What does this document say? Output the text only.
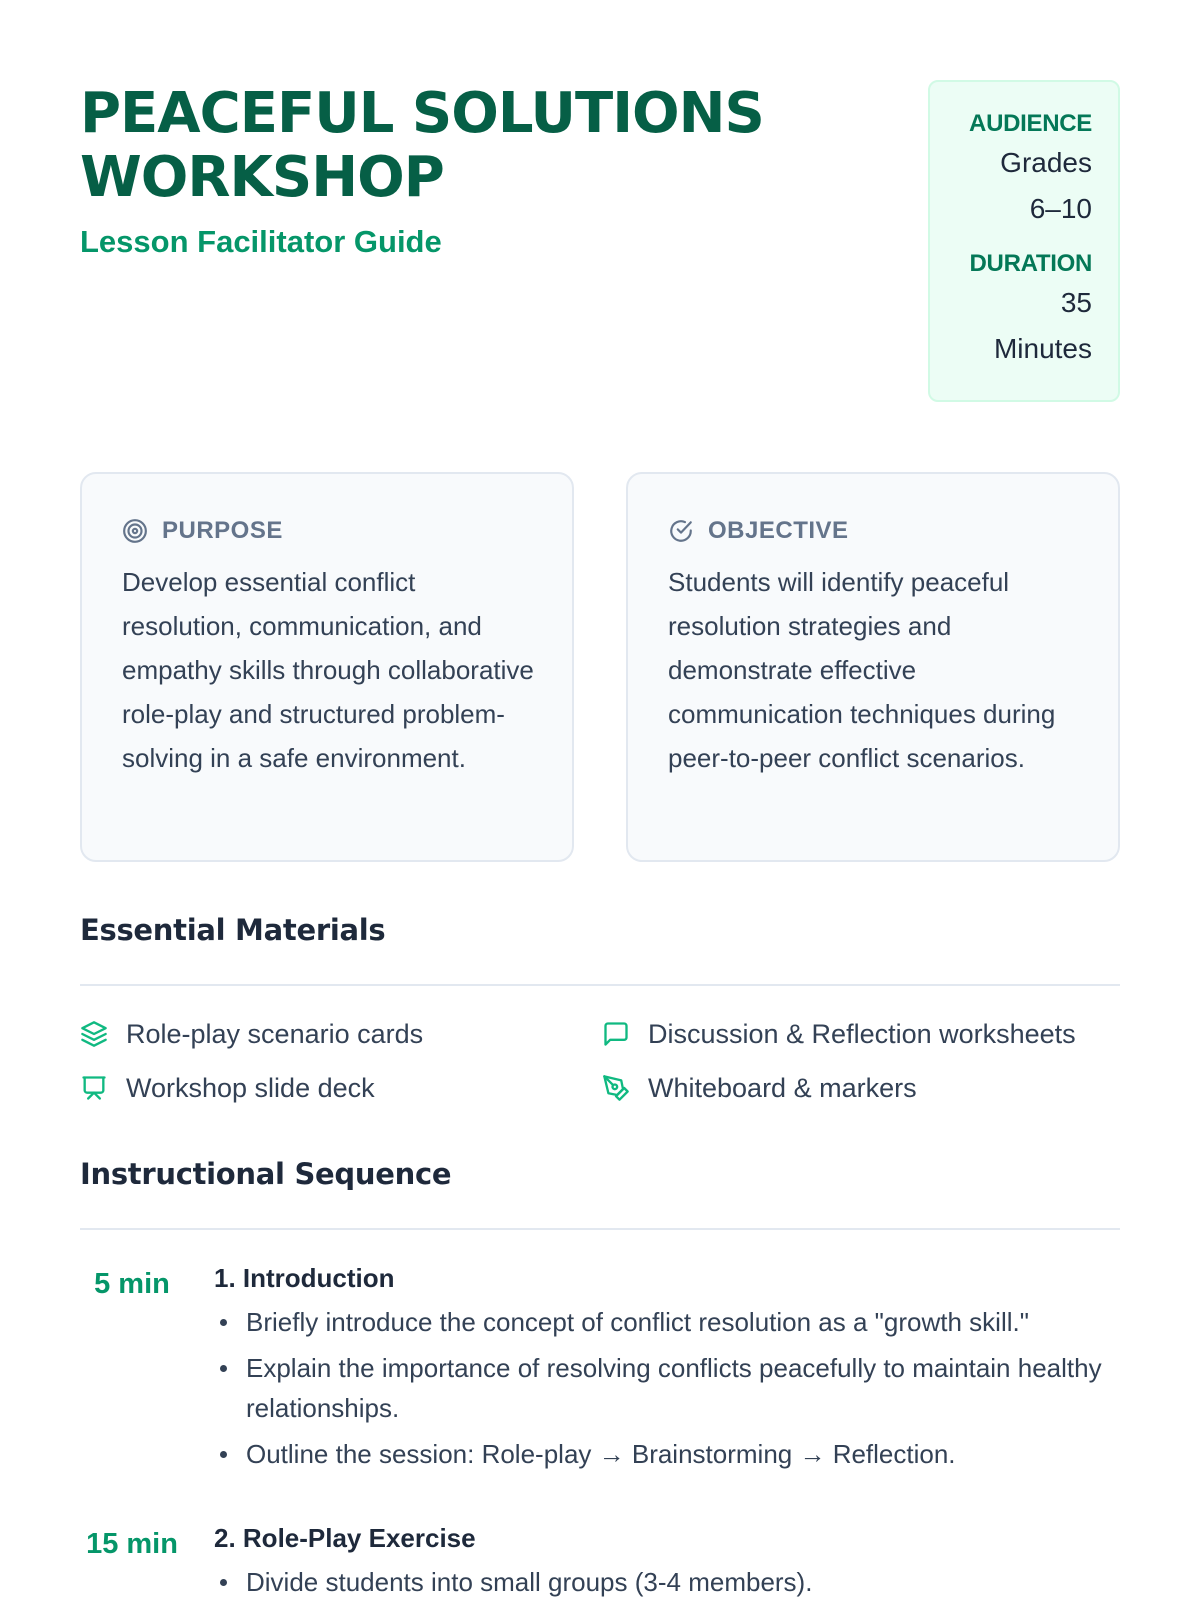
PEACEFUL SOLUTIONS WORKSHOP
Lesson Facilitator Guide
AUDIENCE
Grades
6–10
DURATION
35
Minutes
PURPOSE
Develop essential conflict resolution, communication, and empathy skills through collaborative role-play and structured problem-solving in a safe environment.
OBJECTIVE
Students will identify peaceful resolution strategies and demonstrate effective communication techniques during peer-to-peer conflict scenarios.
Essential Materials
Role-play scenario cards	Discussion & Reflection worksheets
Workshop slide deck	Whiteboard & markers
Instructional Sequence
5 min	1. Introduction
Briefly introduce the concept of conflict resolution as a "growth skill."
Explain the importance of resolving conflicts peacefully to maintain healthy relationships.
Outline the session: Role-play → Brainstorming → Reflection.
15 min 2. Role-Play Exercise
Divide students into small groups (3-4 members).
